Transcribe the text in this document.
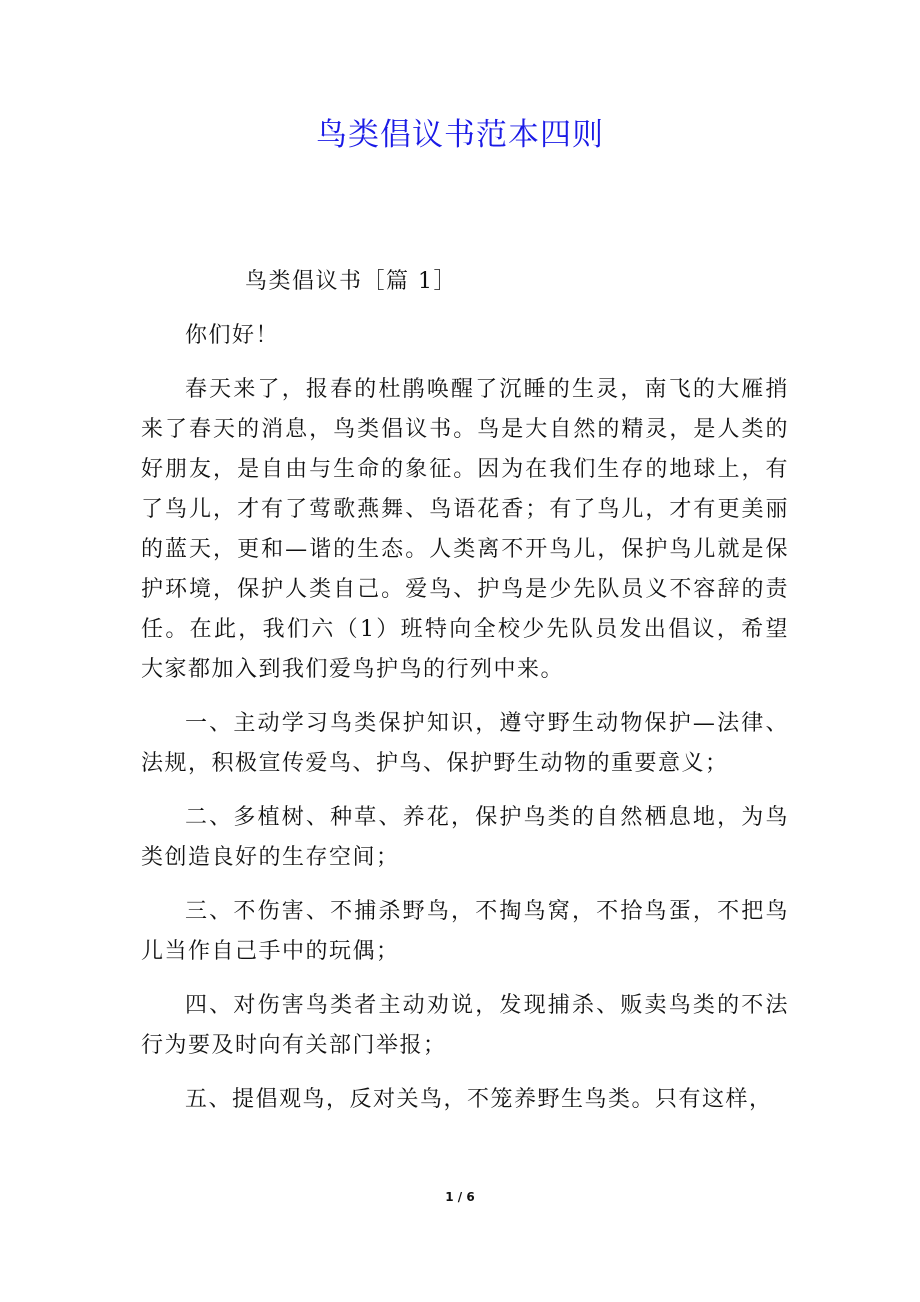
鸟类倡议书范本四则

鸟类倡议书［篇 1］

你们好！

春天来了，报春的杜鹃唤醒了沉睡的生灵，南飞的大雁捎来了春天的消息，鸟类倡议书。鸟是大自然的精灵，是人类的好朋友，是自由与生命的象征。因为在我们生存的地球上，有了鸟儿，才有了莺歌燕舞、鸟语花香；有了鸟儿，才有更美丽的蓝天，更和—谐的生态。人类离不开鸟儿，保护鸟儿就是保护环境，保护人类自己。爱鸟、护鸟是少先队员义不容辞的责任。在此，我们六（1）班特向全校少先队员发出倡议，希望大家都加入到我们爱鸟护鸟的行列中来。

一、主动学习鸟类保护知识，遵守野生动物保护—法律、法规，积极宣传爱鸟、护鸟、保护野生动物的重要意义；

二、多植树、种草、养花，保护鸟类的自然栖息地，为鸟类创造良好的生存空间；

三、不伤害、不捕杀野鸟，不掏鸟窝，不拾鸟蛋，不把鸟儿当作自己手中的玩偶；

四、对伤害鸟类者主动劝说，发现捕杀、贩卖鸟类的不法行为要及时向有关部门举报；

五、提倡观鸟，反对关鸟，不笼养野生鸟类。只有这样，

1 / 6
